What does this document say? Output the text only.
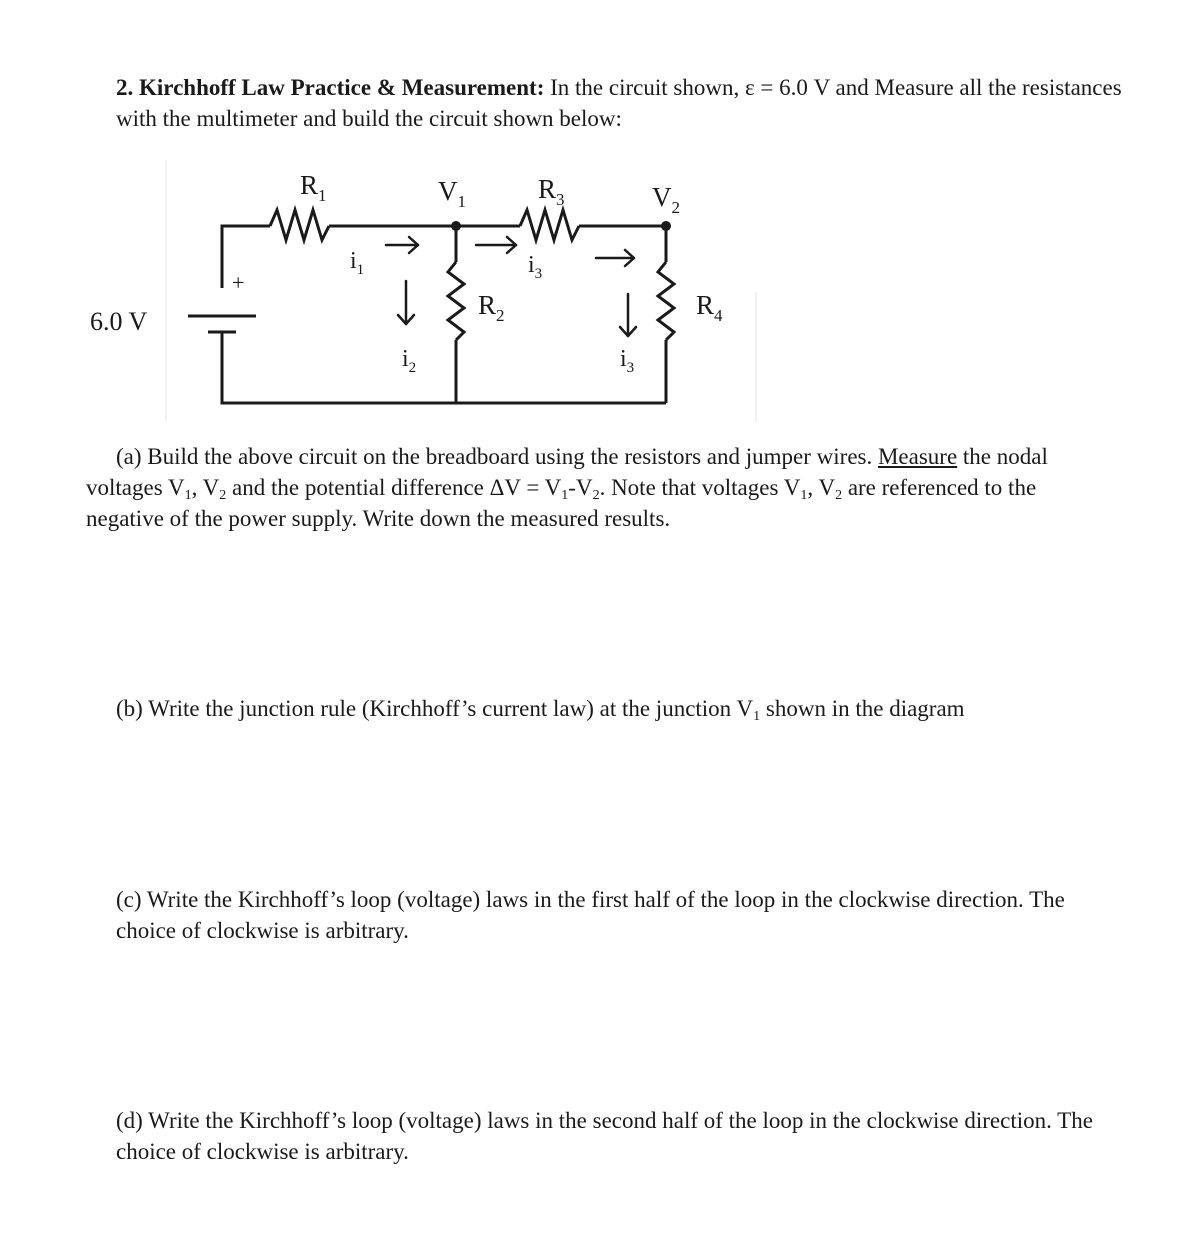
2. Kirchhoff Law Practice & Measurement: In the circuit shown, ε = 6.0 V and Measure all the resistances with the multimeter and build the circuit shown below:

+
6.0 V
$R_1$	$V_1$	$R_3$	$V_2$
$R_2$	$R_4$
$i_1$	$i_3$
$i_2$	$i_3$

(a) Build the above circuit on the breadboard using the resistors and jumper wires. Measure the nodal voltages $V_1$, $V_2$ and the potential difference $\Delta V = V_1-V_2$. Note that voltages $V_1$, $V_2$ are referenced to the negative of the power supply. Write down the measured results.

(b) Write the junction rule (Kirchhoff’s current law) at the junction $V_1$ shown in the diagram

(c) Write the Kirchhoff’s loop (voltage) laws in the first half of the loop in the clockwise direction. The choice of clockwise is arbitrary.

(d) Write the Kirchhoff’s loop (voltage) laws in the second half of the loop in the clockwise direction. The choice of clockwise is arbitrary.
